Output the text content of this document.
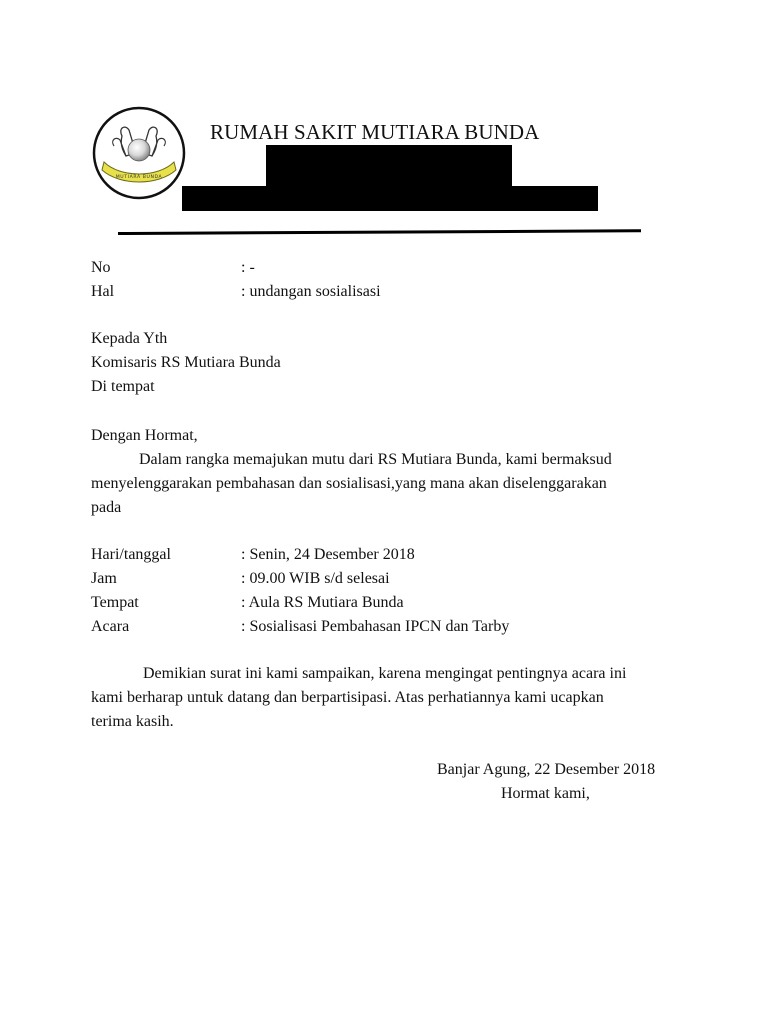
MUTIARA BUNDA
RUMAH SAKIT MUTIARA BUNDA
No	: -
Hal	: undangan sosialisasi
Kepada Yth
Komisaris RS Mutiara Bunda
Di tempat
Dengan Hormat,
Dalam rangka memajukan mutu dari RS Mutiara Bunda, kami bermaksud
menyelenggarakan pembahasan dan sosialisasi,yang mana akan diselenggarakan
pada
Hari/tanggal	: Senin, 24 Desember 2018
Jam	: 09.00 WIB s/d selesai
Tempat	: Aula RS Mutiara Bunda
Acara	: Sosialisasi Pembahasan IPCN dan Tarby
Demikian surat ini kami sampaikan, karena mengingat pentingnya acara ini
kami berharap untuk datang dan berpartisipasi. Atas perhatiannya kami ucapkan
terima kasih.
Banjar Agung, 22 Desember 2018
Hormat kami,
